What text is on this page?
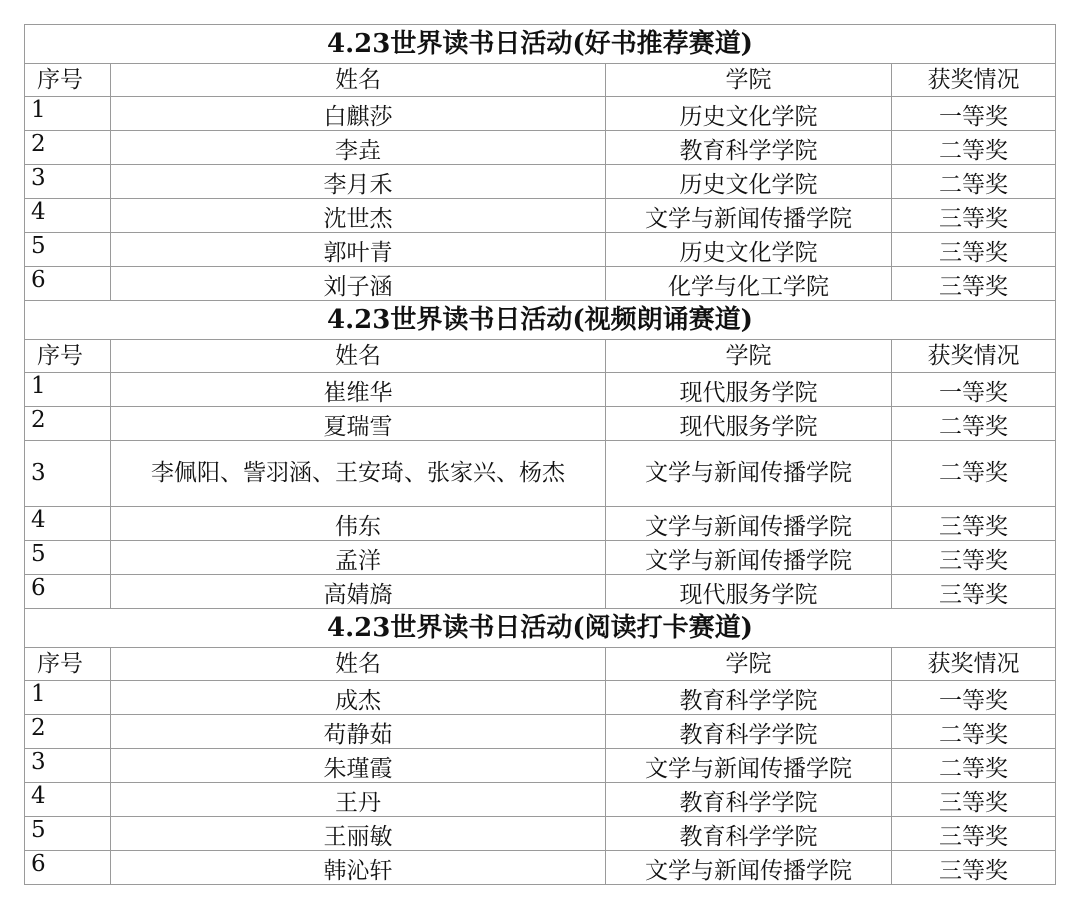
4.23世界读书日活动(好书推荐赛道)			
序号	姓名	学院	获奖情况
1	白麒莎	历史文化学院	一等奖
2	李垚	教育科学学院	二等奖
3	李月禾	历史文化学院	二等奖
4	沈世杰	文学与新闻传播学院	三等奖
5	郭叶青	历史文化学院	三等奖
6	刘子涵	化学与化工学院	三等奖
4.23世界读书日活动(视频朗诵赛道)			
序号	姓名	学院	获奖情况
1	崔维华	现代服务学院	一等奖
2	夏瑞雪	现代服务学院	二等奖
3	李佩阳、訾羽涵、王安琦、张家兴、杨杰	文学与新闻传播学院	二等奖
4	伟东	文学与新闻传播学院	三等奖
5	孟洋	文学与新闻传播学院	三等奖
6	高婧旖	现代服务学院	三等奖
4.23世界读书日活动(阅读打卡赛道)			
序号	姓名	学院	获奖情况
1	成杰	教育科学学院	一等奖
2	苟静茹	教育科学学院	二等奖
3	朱瑾霞	文学与新闻传播学院	二等奖
4	王丹	教育科学学院	三等奖
5	王丽敏	教育科学学院	三等奖
6	韩沁轩	文学与新闻传播学院	三等奖
